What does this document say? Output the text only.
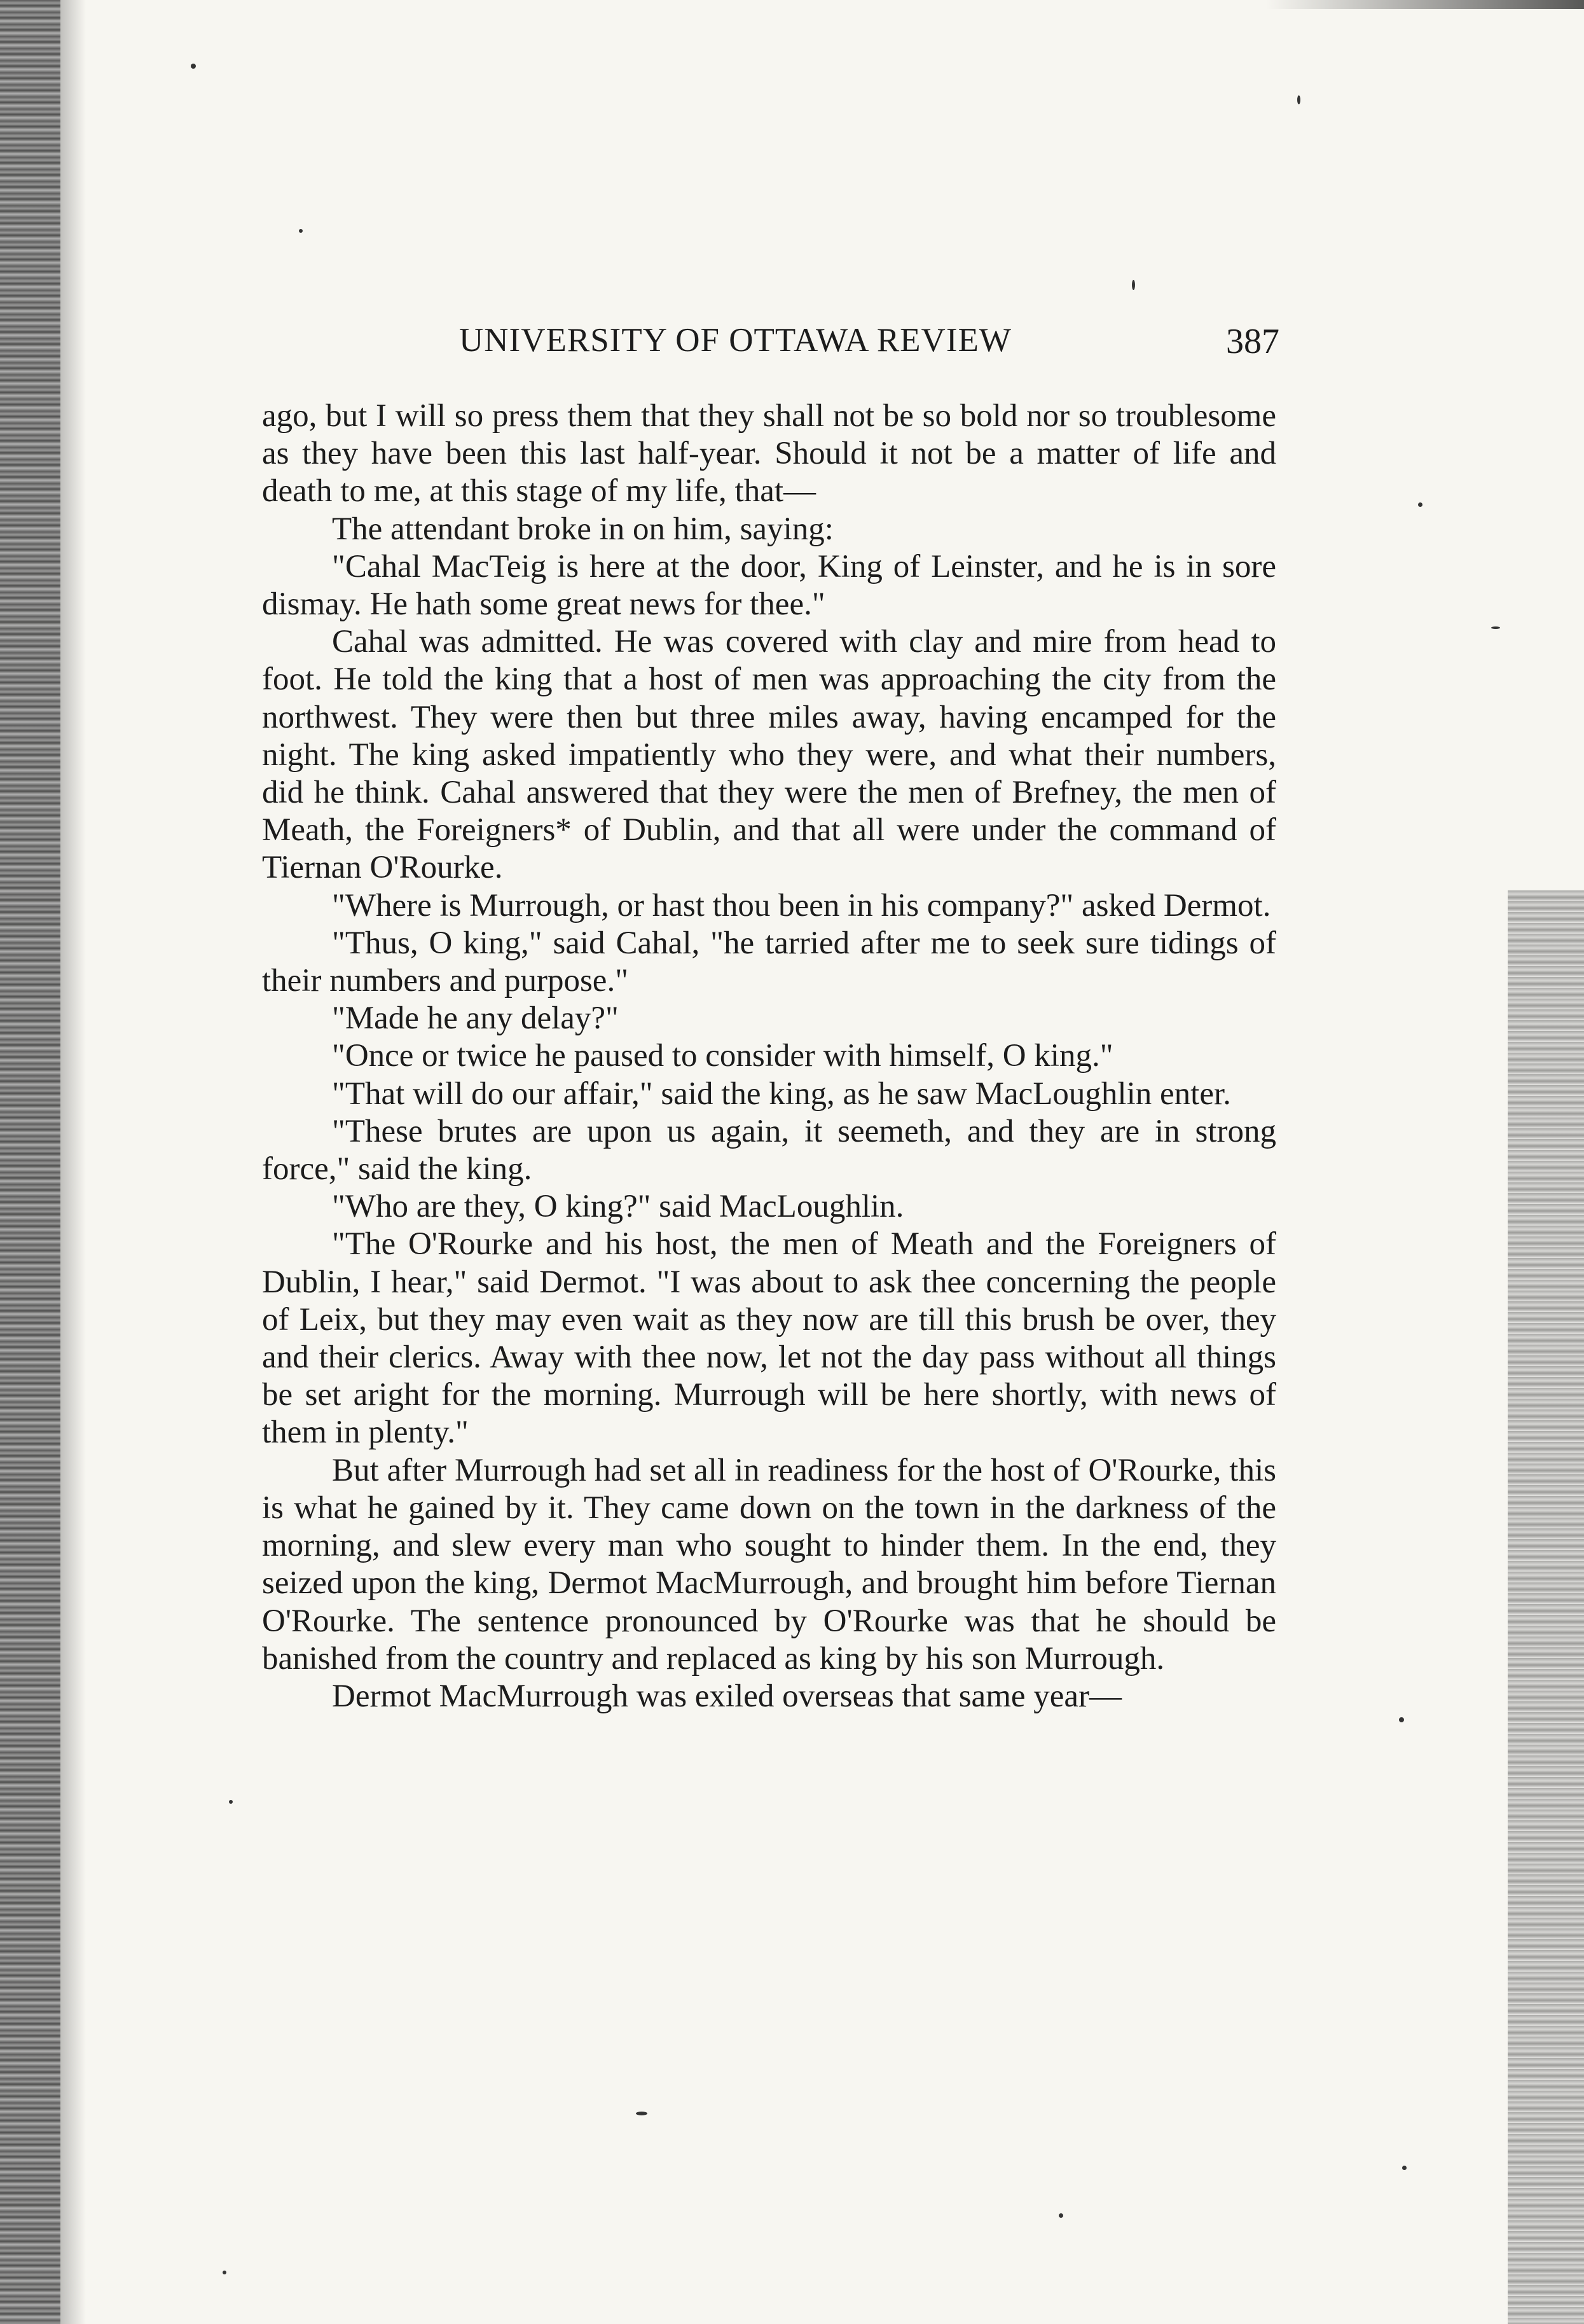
UNIVERSITY OF OTTAWA REVIEW	387

ago, but I will so press them that they shall not be so bold nor so troublesome as they have been this last half-year. Should it not be a matter of life and death to me, at this stage of my life, that—

The attendant broke in on him, saying:

"Cahal MacTeig is here at the door, King of Leinster, and he is in sore dismay. He hath some great news for thee."

Cahal was admitted. He was covered with clay and mire from head to foot. He told the king that a host of men was approaching the city from the northwest. They were then but three miles away, having encamped for the night. The king asked impatiently who they were, and what their numbers, did he think. Cahal answered that they were the men of Brefney, the men of Meath, the Foreigners* of Dublin, and that all were under the command of Tiernan O'Rourke.

"Where is Murrough, or hast thou been in his company?" asked Dermot.

"Thus, O king," said Cahal, "he tarried after me to seek sure tidings of their numbers and purpose."

"Made he any delay?"

"Once or twice he paused to consider with himself, O king."

"That will do our affair," said the king, as he saw MacLoughlin enter.

"These brutes are upon us again, it seemeth, and they are in strong force," said the king.

"Who are they, O king?" said MacLoughlin.

"The O'Rourke and his host, the men of Meath and the Foreigners of Dublin, I hear," said Dermot. "I was about to ask thee concerning the people of Leix, but they may even wait as they now are till this brush be over, they and their clerics. Away with thee now, let not the day pass without all things be set aright for the morning. Murrough will be here shortly, with news of them in plenty."

But after Murrough had set all in readiness for the host of O'Rourke, this is what he gained by it. They came down on the town in the darkness of the morning, and slew every man who sought to hinder them. In the end, they seized upon the king, Dermot MacMurrough, and brought him before Tiernan O'Rourke. The sentence pronounced by O'Rourke was that he should be banished from the country and replaced as king by his son Murrough.

Dermot MacMurrough was exiled overseas that same year—
